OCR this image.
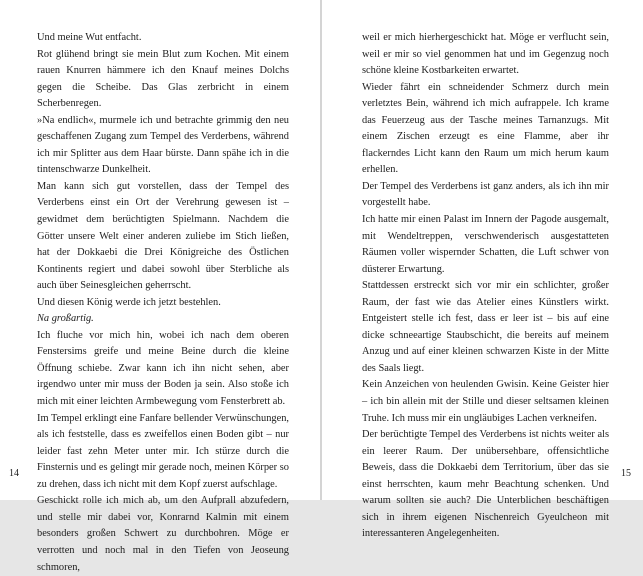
Und meine Wut entfacht.

Rot glühend bringt sie mein Blut zum Kochen. Mit einem rauen Knurren hämmere ich den Knauf meines Dolchs gegen die Scheibe. Das Glas zerbricht in einem Scherbenregen.

»Na endlich«, murmele ich und betrachte grimmig den neu geschaffenen Zugang zum Tempel des Verderbens, während ich mir Splitter aus dem Haar bürste. Dann spähe ich in die tintenschwarze Dunkelheit.

Man kann sich gut vorstellen, dass der Tempel des Verderbens einst ein Ort der Verehrung gewesen ist – gewidmet dem berüchtigten Spielmann. Nachdem die Götter unsere Welt einer anderen zuliebe im Stich ließen, hat der Dokkaebi die Drei Königreiche des Östlichen Kontinents regiert und dabei sowohl über Sterbliche als auch über Seinesgleichen geherrscht.

Und diesen König werde ich jetzt bestehlen.

Na großartig.

Ich fluche vor mich hin, wobei ich nach dem oberen Fenstersims greife und meine Beine durch die kleine Öffnung schiebe. Zwar kann ich ihn nicht sehen, aber irgendwo unter mir muss der Boden ja sein. Also stoße ich mich mit einer leichten Armbewegung vom Fensterbrett ab.

Im Tempel erklingt eine Fanfare bellender Verwünschungen, als ich feststelle, dass es zweifellos einen Boden gibt – nur leider fast zehn Meter unter mir. Ich stürze durch die Finsternis und es gelingt mir gerade noch, meinen Körper so zu drehen, dass ich nicht mit dem Kopf zuerst aufschlage.

Geschickt rolle ich mich ab, um den Aufprall abzufedern, und stelle mir dabei vor, Konrarnd Kalmin mit einem besonders großen Schwert zu durchbohren. Möge er verrotten und noch mal in den Tiefen von Jeoseung schmoren,

14

weil er mich hierhergeschickt hat. Möge er verflucht sein, weil er mir so viel genommen hat und im Gegenzug noch schöne kleine Kostbarkeiten erwartet.

Wieder fährt ein schneidender Schmerz durch mein verletztes Bein, während ich mich aufrappele. Ich krame das Feuerzeug aus der Tasche meines Tarnanzugs. Mit einem Zischen erzeugt es eine Flamme, aber ihr flackerndes Licht kann den Raum um mich herum kaum erhellen.

Der Tempel des Verderbens ist ganz anders, als ich ihn mir vorgestellt habe.

Ich hatte mir einen Palast im Innern der Pagode ausgemalt, mit Wendeltreppen, verschwenderisch ausgestatteten Räumen voller wispernder Schatten, die Luft schwer von düsterer Erwartung.

Stattdessen erstreckt sich vor mir ein schlichter, großer Raum, der fast wie das Atelier eines Künstlers wirkt. Entgeistert stelle ich fest, dass er leer ist – bis auf eine dicke schneeartige Staubschicht, die bereits auf meinem Anzug und auf einer kleinen schwarzen Kiste in der Mitte des Saals liegt.

Kein Anzeichen von heulenden Gwisin. Keine Geister hier – ich bin allein mit der Stille und dieser seltsamen kleinen Truhe. Ich muss mir ein ungläubiges Lachen verkneifen.

Der berüchtigte Tempel des Verderbens ist nichts weiter als ein leerer Raum. Der unübersehbare, offensichtliche Beweis, dass die Dokkaebi dem Territorium, über das sie einst herrschten, kaum mehr Beachtung schenken. Und warum sollten sie auch? Die Unterblichen beschäftigen sich in ihrem eigenen Nischenreich Gyeulcheon mit interessanteren Angelegenheiten.

15
